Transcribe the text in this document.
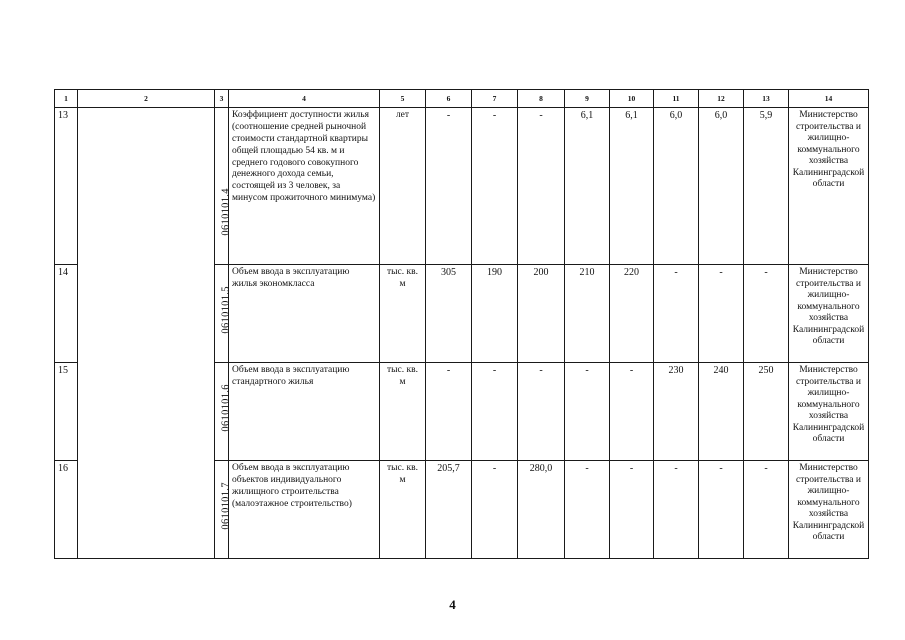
1	2	3	4	5	6	7	8	9	10	11	12	13	14
13		0610101.4	Коэффициент доступности жилья (соотношение средней рыночной стоимости стандартной квартиры общей площадью 54 кв. м и среднего годового совокупного денежного дохода семьи, состоящей из 3 человек, за минусом прожиточного минимума)	лет	-	-	-	6,1	6,1	6,0	6,0	5,9	Министерство строительства и жилищно-коммунального хозяйства Калининградской области
14		0610101.5	Объем ввода в эксплуатацию жилья экономкласса	тыс. кв. м	305	190	200	210	220	-	-	-	Министерство строительства и жилищно-коммунального хозяйства Калининградской области
15		0610101.6	Объем ввода в эксплуатацию стандартного жилья	тыс. кв. м	-	-	-	-	-	230	240	250	Министерство строительства и жилищно-коммунального хозяйства Калининградской области
16		0610101.7	Объем ввода в эксплуатацию объектов индивидуального жилищного строительства (малоэтажное строительство)	тыс. кв. м	205,7	-	280,0	-	-	-	-	-	Министерство строительства и жилищно-коммунального хозяйства Калининградской области
4
